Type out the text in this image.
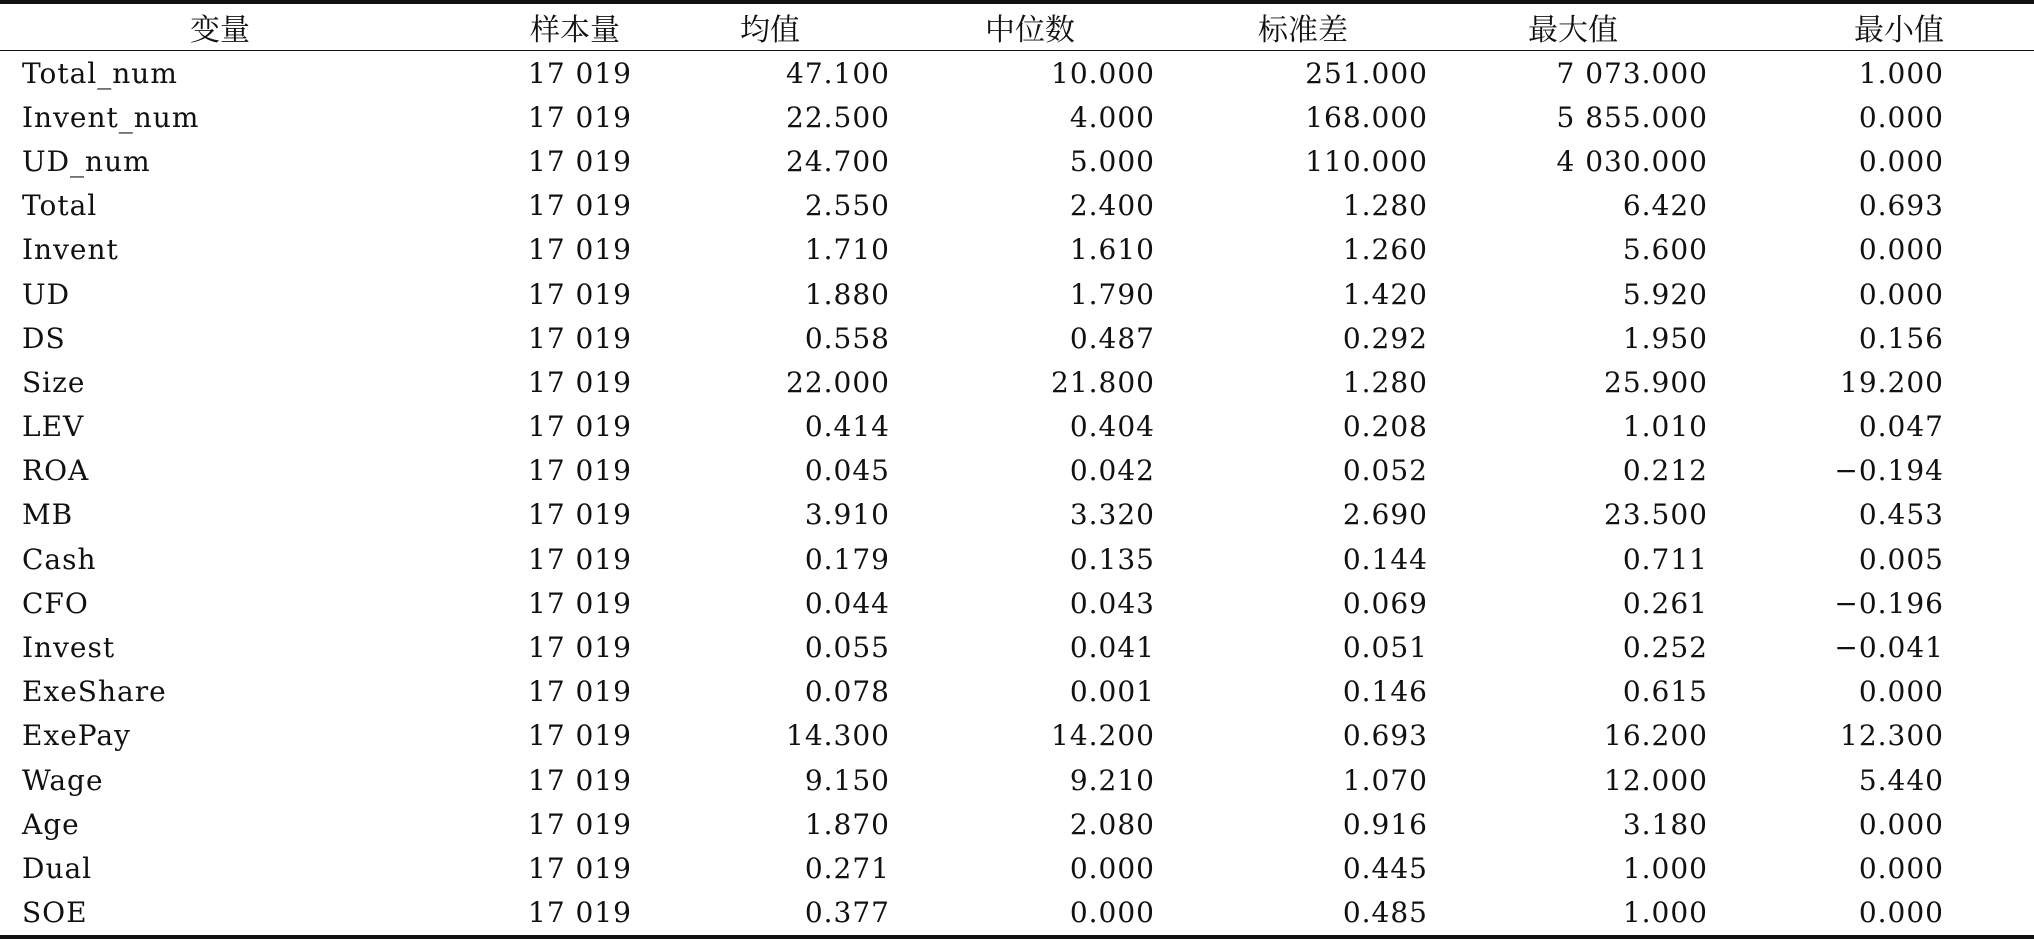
变量	样本量	均值	中位数	标准差	最大值	最小值	
Total_num	17 019	47.100	10.000	251.000	7 073.000	1.000	
Invent_num	17 019	22.500	4.000	168.000	5 855.000	0.000	
UD_num	17 019	24.700	5.000	110.000	4 030.000	0.000	
Total	17 019	2.550	2.400	1.280	6.420	0.693	
Invent	17 019	1.710	1.610	1.260	5.600	0.000	
UD	17 019	1.880	1.790	1.420	5.920	0.000	
DS	17 019	0.558	0.487	0.292	1.950	0.156	
Size	17 019	22.000	21.800	1.280	25.900	19.200	
LEV	17 019	0.414	0.404	0.208	1.010	0.047	
ROA	17 019	0.045	0.042	0.052	0.212	−0.194	
MB	17 019	3.910	3.320	2.690	23.500	0.453	
Cash	17 019	0.179	0.135	0.144	0.711	0.005	
CFO	17 019	0.044	0.043	0.069	0.261	−0.196	
Invest	17 019	0.055	0.041	0.051	0.252	−0.041	
ExeShare	17 019	0.078	0.001	0.146	0.615	0.000	
ExePay	17 019	14.300	14.200	0.693	16.200	12.300	
Wage	17 019	9.150	9.210	1.070	12.000	5.440	
Age	17 019	1.870	2.080	0.916	3.180	0.000	
Dual	17 019	0.271	0.000	0.445	1.000	0.000	
SOE	17 019	0.377	0.000	0.485	1.000	0.000	
